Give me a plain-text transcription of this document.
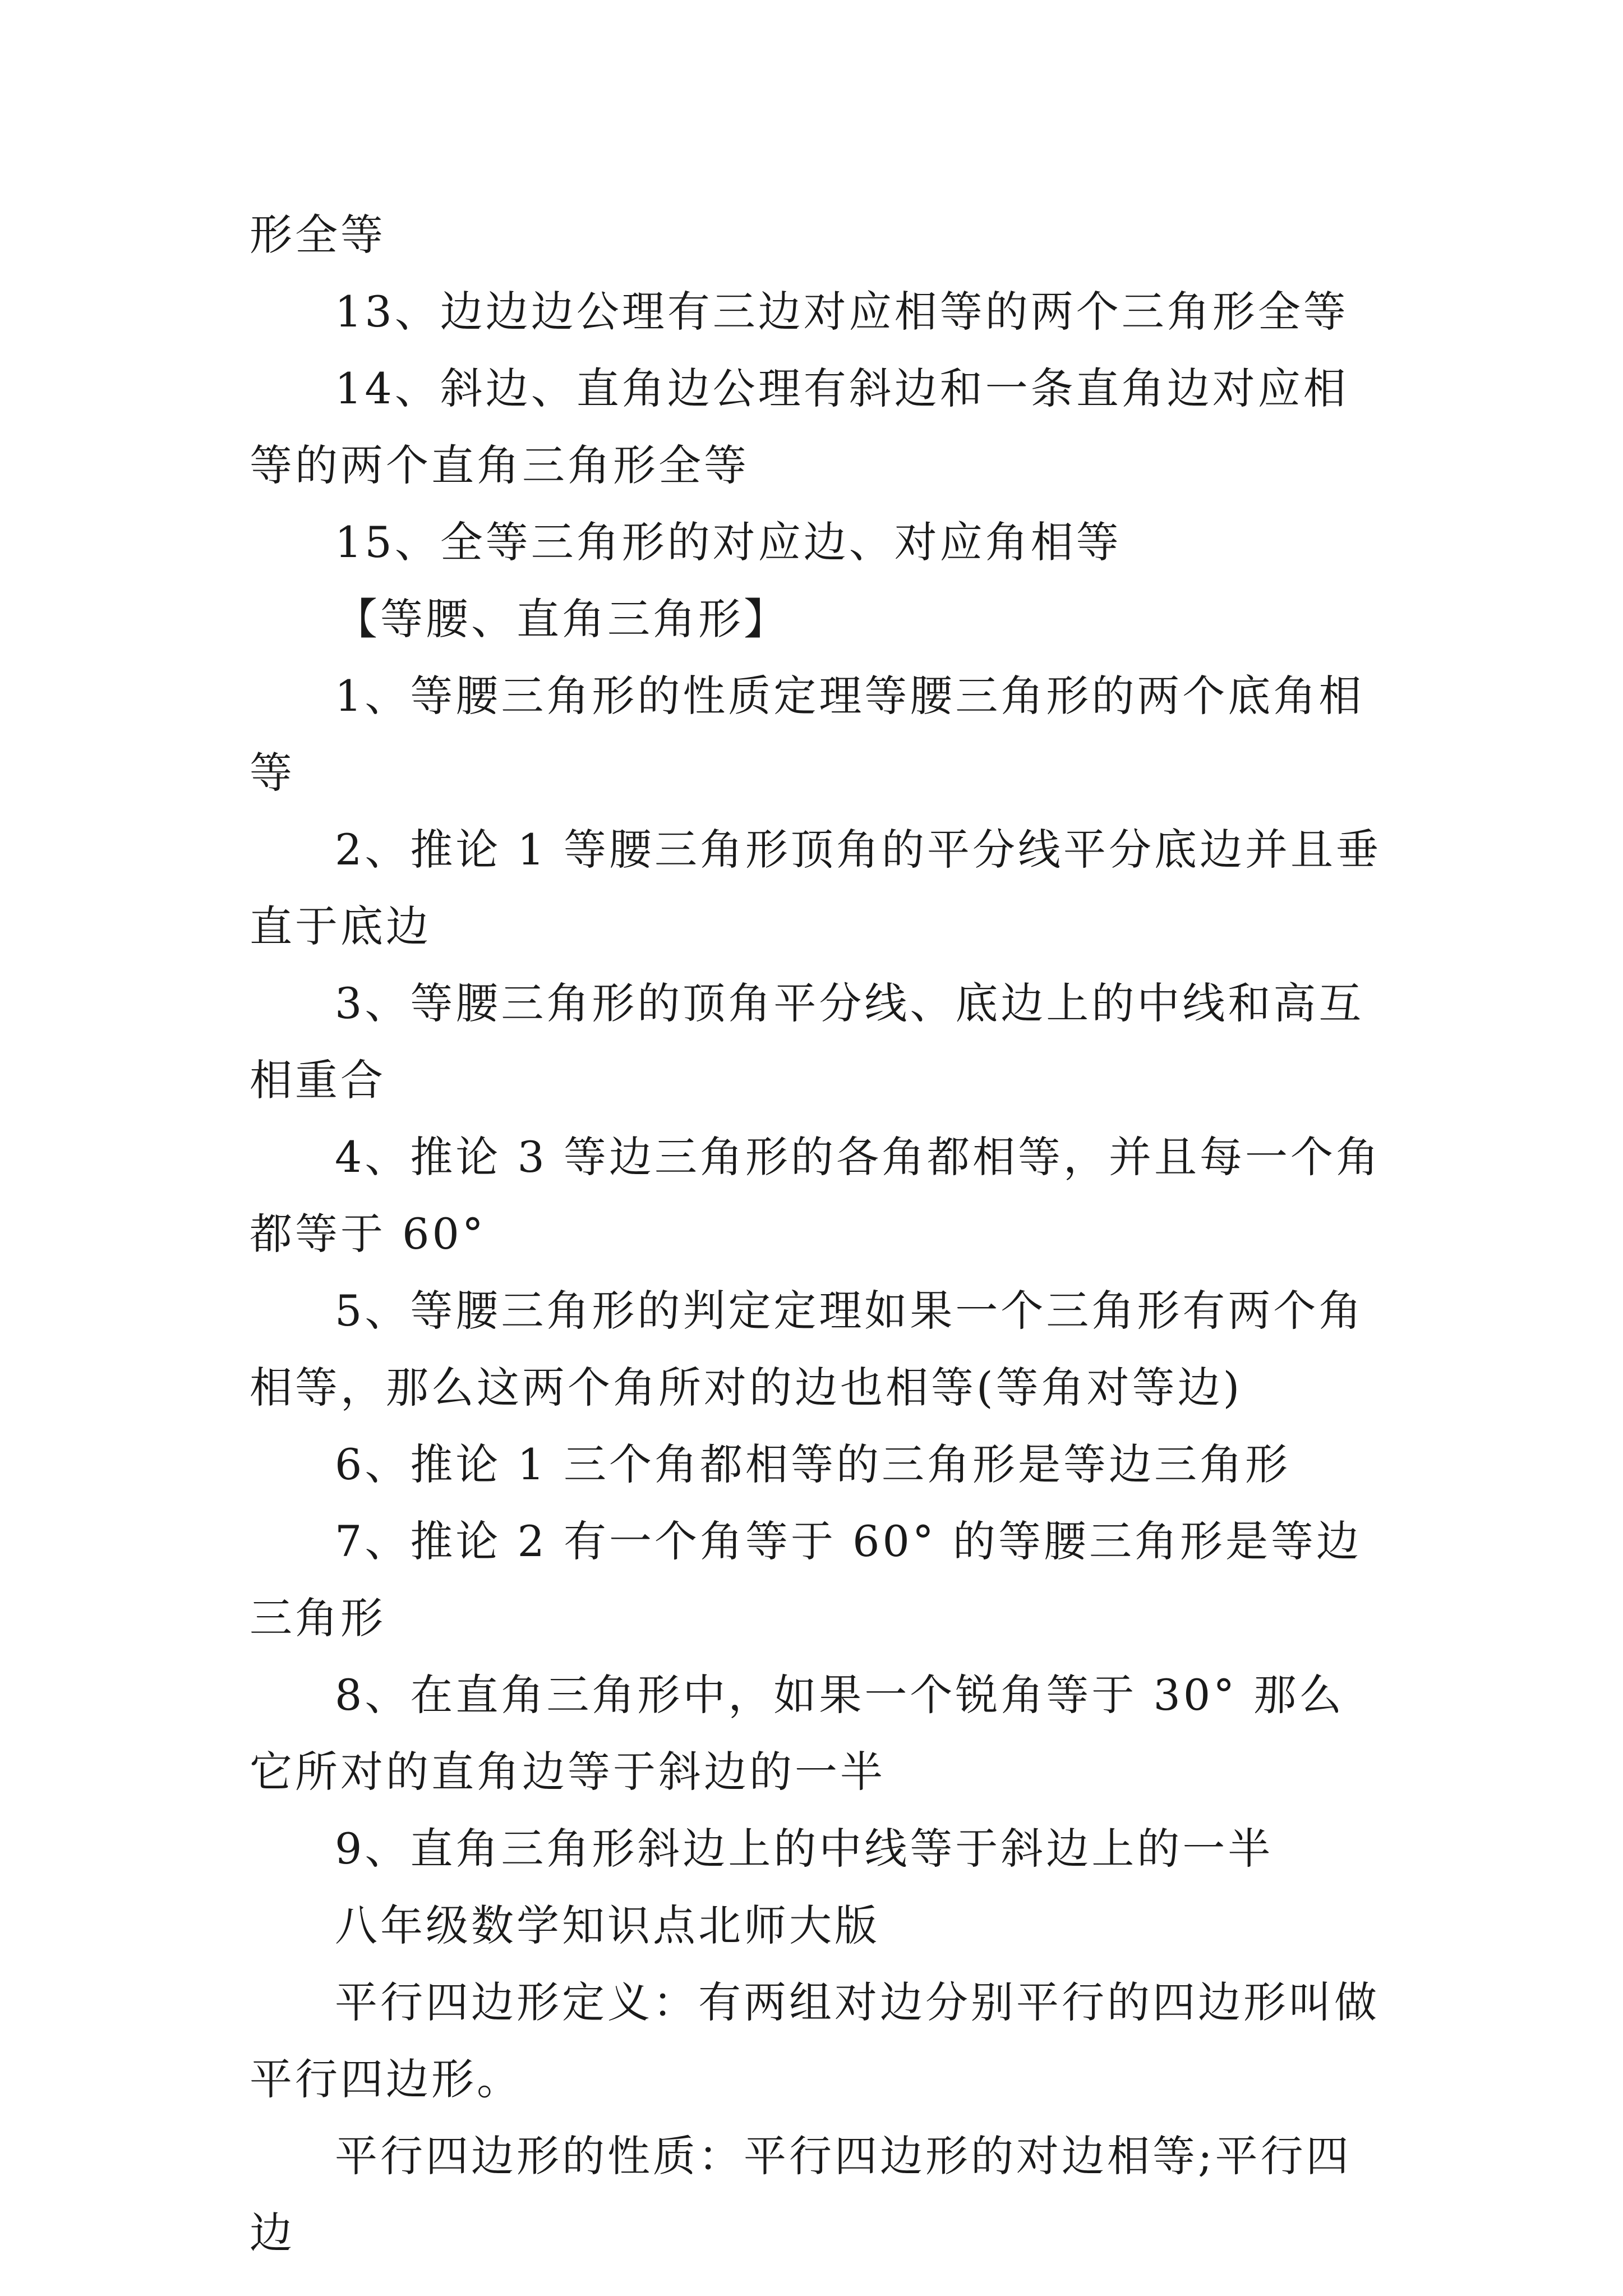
形全等

13、边边边公理有三边对应相等的两个三角形全等

14、斜边、直角边公理有斜边和一条直角边对应相等的两个直角三角形全等

15、全等三角形的对应边、对应角相等

【等腰、直角三角形】

1、等腰三角形的性质定理等腰三角形的两个底角相等

2、推论 1 等腰三角形顶角的平分线平分底边并且垂直于底边

3、等腰三角形的顶角平分线、底边上的中线和高互相重合

4、推论 3 等边三角形的各角都相等，并且每一个角都等于 60°

5、等腰三角形的判定定理如果一个三角形有两个角相等，那么这两个角所对的边也相等(等角对等边)

6、推论 1 三个角都相等的三角形是等边三角形

7、推论 2 有一个角等于 60° 的等腰三角形是等边三角形

8、在直角三角形中，如果一个锐角等于 30° 那么它所对的直角边等于斜边的一半

9、直角三角形斜边上的中线等于斜边上的一半

八年级数学知识点北师大版

平行四边形定义：有两组对边分别平行的四边形叫做平行四边形。

平行四边形的性质：平行四边形的对边相等;平行四边
